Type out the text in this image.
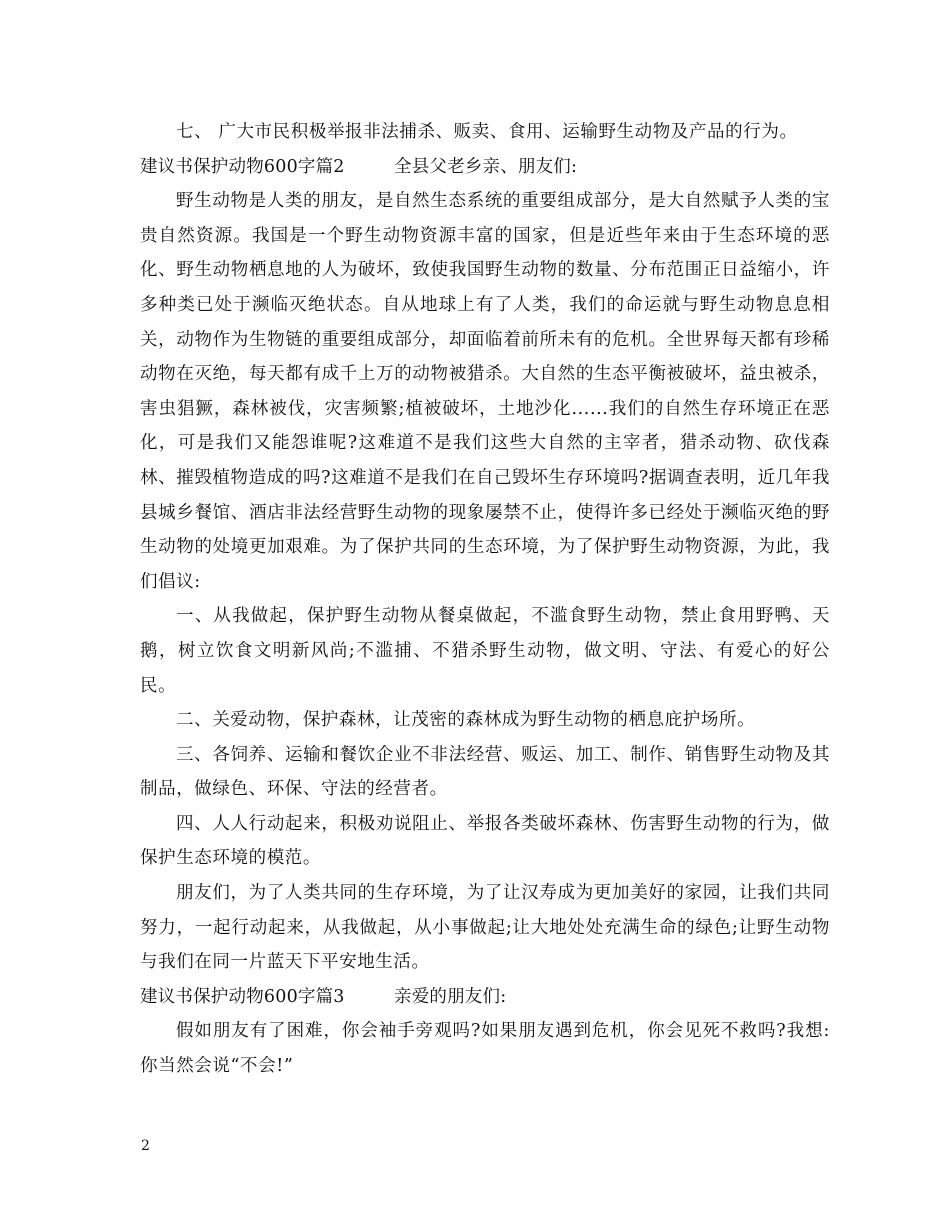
七、 广大市民积极举报非法捕杀、贩卖、食用、运输野生动物及产品的行为。

建议书保护动物600字篇2	全县父老乡亲、朋友们:

野生动物是人类的朋友，是自然生态系统的重要组成部分，是大自然赋予人类的宝贵自然资源。我国是一个野生动物资源丰富的国家，但是近些年来由于生态环境的恶化、野生动物栖息地的人为破坏，致使我国野生动物的数量、分布范围正日益缩小，许多种类已处于濒临灭绝状态。自从地球上有了人类，我们的命运就与野生动物息息相关，动物作为生物链的重要组成部分，却面临着前所未有的危机。全世界每天都有珍稀动物在灭绝，每天都有成千上万的动物被猎杀。大自然的生态平衡被破坏，益虫被杀，害虫猖獗，森林被伐，灾害频繁;植被破坏，土地沙化......我们的自然生存环境正在恶化，可是我们又能怨谁呢?这难道不是我们这些大自然的主宰者，猎杀动物、砍伐森林、摧毁植物造成的吗?这难道不是我们在自己毁坏生存环境吗?据调查表明，近几年我县城乡餐馆、酒店非法经营野生动物的现象屡禁不止，使得许多已经处于濒临灭绝的野生动物的处境更加艰难。为了保护共同的生态环境，为了保护野生动物资源，为此，我们倡议:

一、从我做起，保护野生动物从餐桌做起，不滥食野生动物，禁止食用野鸭、天鹅，树立饮食文明新风尚;不滥捕、不猎杀野生动物，做文明、守法、有爱心的好公民。

二、关爱动物，保护森林，让茂密的森林成为野生动物的栖息庇护场所。

三、各饲养、运输和餐饮企业不非法经营、贩运、加工、制作、销售野生动物及其制品，做绿色、环保、守法的经营者。

四、人人行动起来，积极劝说阻止、举报各类破坏森林、伤害野生动物的行为，做保护生态环境的模范。

朋友们，为了人类共同的生存环境，为了让汉寿成为更加美好的家园，让我们共同努力，一起行动起来，从我做起，从小事做起;让大地处处充满生命的绿色;让野生动物与我们在同一片蓝天下平安地生活。

建议书保护动物600字篇3	亲爱的朋友们:

假如朋友有了困难，你会袖手旁观吗?如果朋友遇到危机，你会见死不救吗?我想:你当然会说“不会!”

2
